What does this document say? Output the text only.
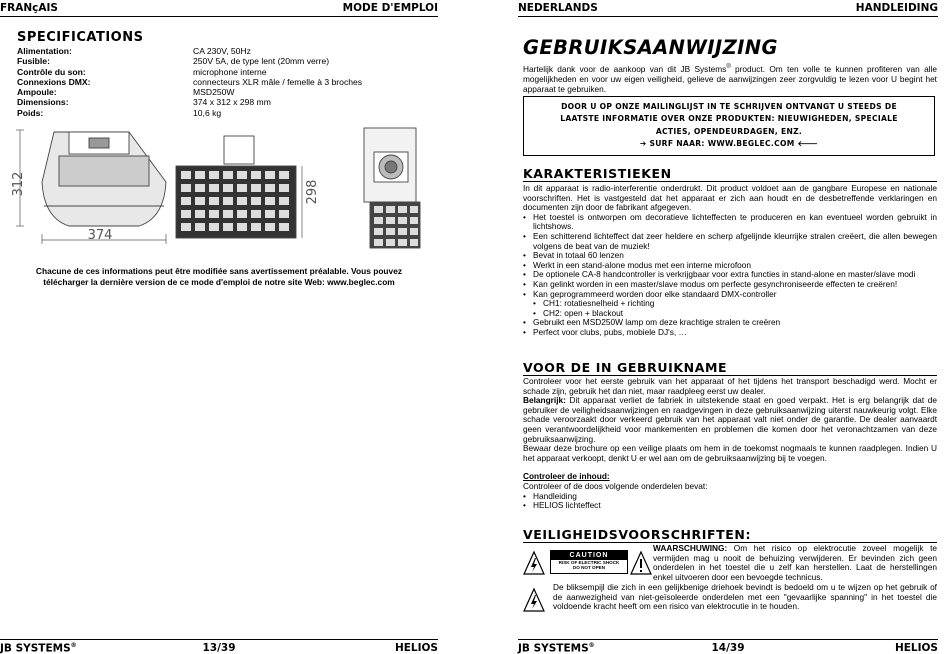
FRANçAIS	MODE D'EMPLOI
SPECIFICATIONS
Alimentation:	CA 230V, 50Hz
Fusible:	250V 5A, de type lent (20mm verre)
Contrôle du son:	microphone interne
Connexions DMX:	connecteurs XLR mâle / femelle à 3 broches
Ampoule:	MSD250W
Dimensions:	374 x 312 x 298 mm
Poids:	10,6 kg
312
374
298
Chacune de ces informations peut être modifiée sans avertissement préalable. Vous pouvez
télécharger la dernière version de ce mode d'emploi de notre site Web: www.beglec.com
JB SYSTEMS®	13/39	HELIOS
NEDERLANDS	HANDLEIDING
GEBRUIKSAANWIJZING
Hartelijk dank voor de aankoop van dit JB Systems® product. Om ten volle te kunnen profiteren van alle mogelijkheden en voor uw eigen veiligheid, gelieve de aanwijzingen zeer zorgvuldig te lezen voor U begint het apparaat te gebruiken.
DOOR U OP ONZE MAILINGLIJST IN TE SCHRIJVEN ONTVANGT U STEEDS DE
LAATSTE INFORMATIE OVER ONZE PRODUKTEN: NIEUWIGHEDEN, SPECIALE
ACTIES, OPENDEURDAGEN, ENZ.
➔ SURF NAAR: WWW.BEGLEC.COM 🡐
KARAKTERISTIEKEN

In dit apparaat is radio-interferentie onderdrukt. Dit product voldoet aan de gangbare Europese en nationale voorschriften. Het is vastgesteld dat het apparaat er zich aan houdt en de desbetreffende verklaringen en documenten zijn door de fabrikant afgegeven.

• Het toestel is ontworpen om decoratieve lichteffecten te produceren en kan eventueel worden gebruikt in lichtshows.
• Een schitterend lichteffect dat zeer heldere en scherp afgelijnde kleurrijke stralen creëert, die allen bewegen volgens de beat van de muziek!
• Bevat in totaal 60 lenzen
• Werkt in een stand-alone modus met een interne microfoon
• De optionele CA-8 handcontroller is verkrijgbaar voor extra functies in stand-alone en master/slave modi
• Kan gelinkt worden in een master/slave modus om perfecte gesynchroniseerde effecten te creëren!
• Kan geprogrammeerd worden door elke standaard DMX-controller
• CH1: rotatiesnelheid + richting
• CH2: open + blackout
• Gebruikt een MSD250W lamp om deze krachtige stralen te creëren
• Perfect voor clubs, pubs, mobiele DJ's, …
VOOR DE IN GEBRUIKNAME

Controleer voor het eerste gebruik van het apparaat of het tijdens het transport beschadigd werd. Mocht er schade zijn, gebruik het dan niet, maar raadpleeg eerst uw dealer.

Belangrijk: Dit apparaat verliet de fabriek in uitstekende staat en goed verpakt. Het is erg belangrijk dat de gebruiker de veiligheidsaanwijzingen en raadgevingen in deze gebruiksaanwijzing uiterst nauwkeurig volgt. Elke schade veroorzaakt door verkeerd gebruik van het apparaat valt niet onder de garantie. De dealer aanvaardt geen verantwoordelijkheid voor mankementen en problemen die komen door het veronachtzamen van deze gebruiksaanwijzing.

Bewaar deze brochure op een veilige plaats om hem in de toekomst nogmaals te kunnen raadplegen. Indien U het apparaat verkoopt, denkt U er wel aan om de gebruiksaanwijzing bij te voegen.

Controleer de inhoud:

Controleer of de doos volgende onderdelen bevat:

• Handleiding
• HELIOS lichteffect
VEILIGHEIDSVOORSCHRIFTEN:
CAUTION
RISK OF ELECTRIC SHOCK
DO NOT OPEN
WAARSCHUWING: Om het risico op elektrocutie zoveel mogelijk te vermijden mag u nooit de behuizing verwijderen. Er bevinden zich geen onderdelen in het toestel die u zelf kan herstellen. Laat de herstellingen enkel uitvoeren door een bevoegde technicus.
De bliksempijl die zich in een gelijkbenige driehoek bevindt is bedoeld om u te wijzen op het gebruik of de aanwezigheid van niet-geïsoleerde onderdelen met een "gevaarlijke spanning" in het toestel die voldoende kracht heeft om een risico van elektrocutie in te houden.
JB SYSTEMS®	14/39	HELIOS
